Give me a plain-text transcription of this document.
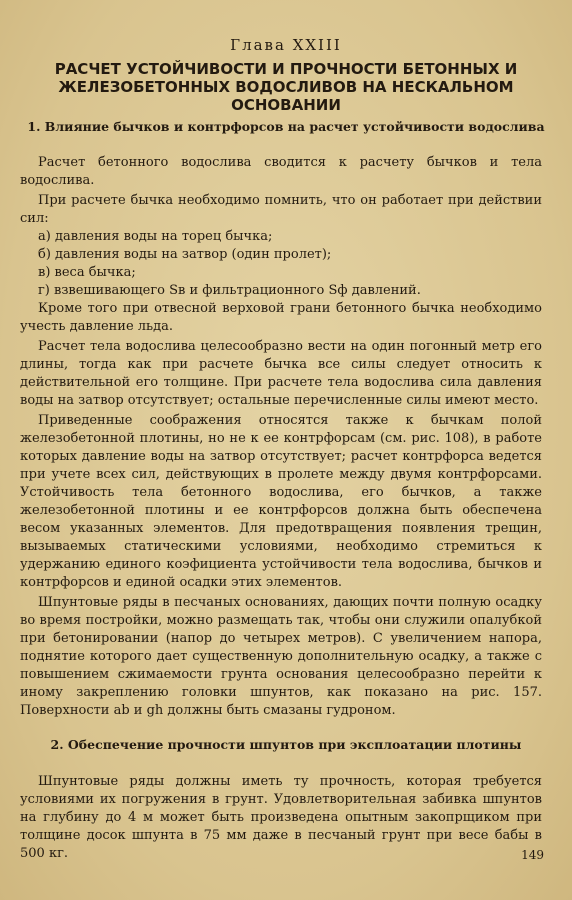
Глава XXIII
РАСЧЕТ УСТОЙЧИВОСТИ И ПРОЧНОСТИ БЕТОННЫХ И ЖЕЛЕЗОБЕТОННЫХ ВОДОСЛИВОВ НА НЕСКАЛЬНОМ ОСНОВАНИИ
1. Влияние бычков и контрфорсов на расчет устойчивости водослива

Расчет бетонного водослива сводится к расчету бычков и тела водослива.

При расчете бычка необходимо помнить, что он работает при действии сил:

а) давления воды на торец бычка;

б) давления воды на затвор (один пролет);

в) веса бычка;

г) взвешивающего Sв и фильтрационного Sф давлений.

Кроме того при отвесной верховой грани бетонного бычка необходимо учесть давление льда.

Расчет тела водослива целесообразно вести на один погонный метр его длины, тогда как при расчете бычка все силы следует относить к действительной его толщине. При расчете тела водослива сила давления воды на затвор отсутствует; остальные перечисленные силы имеют место.

Приведенные соображения относятся также к бычкам полой железобетонной плотины, но не к ее контрфорсам (см. рис. 108), в работе которых давление воды на затвор отсутствует; расчет контрфорса ведется при учете всех сил, действующих в пролете между двумя контрфорсами. Устойчивость тела бетонного водослива, его бычков, а также железобетонной плотины и ее контрфорсов должна быть обеспечена весом указанных элементов. Для предотвращения появления трещин, вызываемых статическими условиями, необходимо стремиться к удержанию единого коэфициента устойчивости тела водослива, бычков и контрфорсов и единой осадки этих элементов.

Шпунтовые ряды в песчаных основаниях, дающих почти полную осадку во время постройки, можно размещать так, чтобы они служили опалубкой при бетонировании (напор до четырех метров). С увеличением напора, поднятие которого дает существенную дополнительную осадку, а также с повышением сжимаемости грунта основания целесообразно перейти к иному закреплению головки шпунтов, как показано на рис. 157. Поверхности ab и gh должны быть смазаны гудроном.

2. Обеспечение прочности шпунтов при эксплоатации плотины

Шпунтовые ряды должны иметь ту прочность, которая требуется условиями их погружения в грунт. Удовлетворительная забивка шпунтов на глубину до 4 м может быть произведена опытным закопрщиком при толщине досок шпунта в 75 мм даже в песчаный грунт при весе бабы в 500 кг.	149
